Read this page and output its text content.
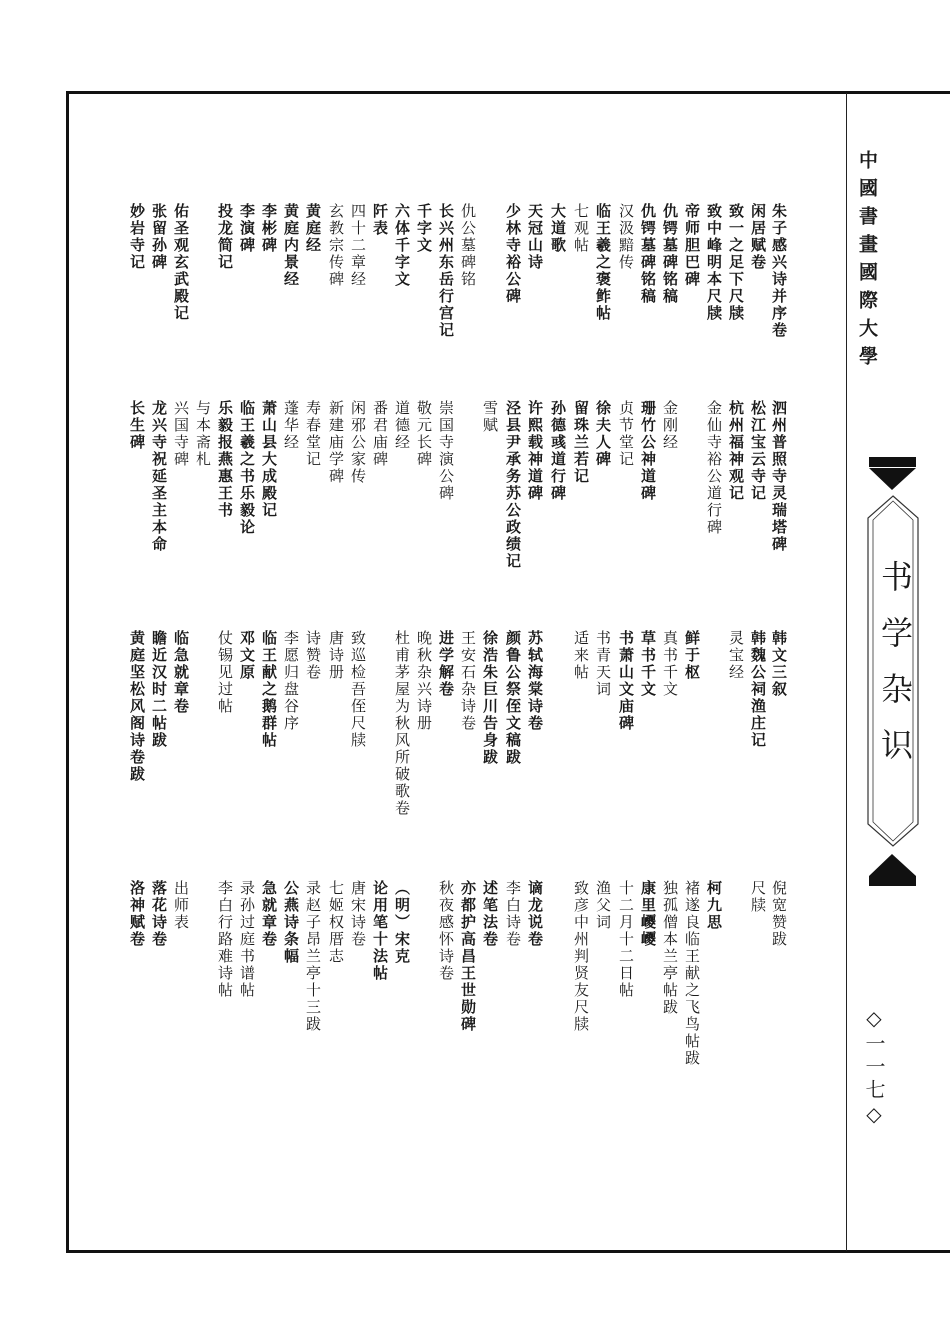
中國書畫國際大學
书学杂识
◇一一七◇
朱子感兴诗并序卷
泗州普照寺灵瑞塔碑
韩文三叙
倪宽赞跋
闲居赋卷
松江宝云寺记
韩魏公祠渔庄记
尺牍
致一之足下尺牍
杭州福神观记
灵宝经
致中峰明本尺牍
金仙寺裕公道行碑
柯九思
帝师胆巴碑
鲜于枢
褚遂良临王献之飞鸟帖跋
仇锷墓碑铭稿
金刚经
真书千文
独孤僧本兰亭帖跋
仇锷墓碑铭稿
珊竹公神道碑
草书千文
康里巎巎
汉汲黯传
贞节堂记
书萧山文庙碑
十二月十二日帖
临王羲之褒鲊帖
徐夫人碑
书青天词
渔父词
七观帖
留珠兰若记
适来帖
致彦中州判贤友尺牍
大道歌
孙德彧道行碑
天冠山诗
许熙载神道碑
苏轼海棠诗卷
谪龙说卷
少林寺裕公碑
泾县尹承务苏公政绩记
颜鲁公祭侄文稿跋
李白诗卷
雪赋
徐浩朱巨川告身跋
述笔法卷
仇公墓碑铭
王安石杂诗卷
亦都护高昌王世勋碑
长兴州东岳行宫记
崇国寺演公碑
进学解卷
秋夜感怀诗卷
千字文
敬元长碑
晚秋杂兴诗册
六体千字文
道德经
杜甫茅屋为秋风所破歌卷
（明）宋克
阡表
番君庙碑
论用笔十法帖
四十二章经
闲邪公家传
致巡检吾侄尺牍
唐宋诗卷
玄教宗传碑
新建庙学碑
唐诗册
七姬权厝志
黄庭经
寿春堂记
诗赞卷
录赵子昂兰亭十三跋
黄庭内景经
蓬华经
李愿归盘谷序
公燕诗条幅
李彬碑
萧山县大成殿记
临王献之鹅群帖
急就章卷
李演碑
临王羲之书乐毅论
邓文原
录孙过庭书谱帖
投龙简记
乐毅报燕惠王书
仗锡见过帖
李白行路难诗帖
与本斋札
佑圣观玄武殿记
兴国寺碑
临急就章卷
出师表
张留孙碑
龙兴寺祝延圣主本命
瞻近汉时二帖跋
落花诗卷
妙岩寺记
长生碑
黄庭坚松风阁诗卷跋
洛神赋卷
